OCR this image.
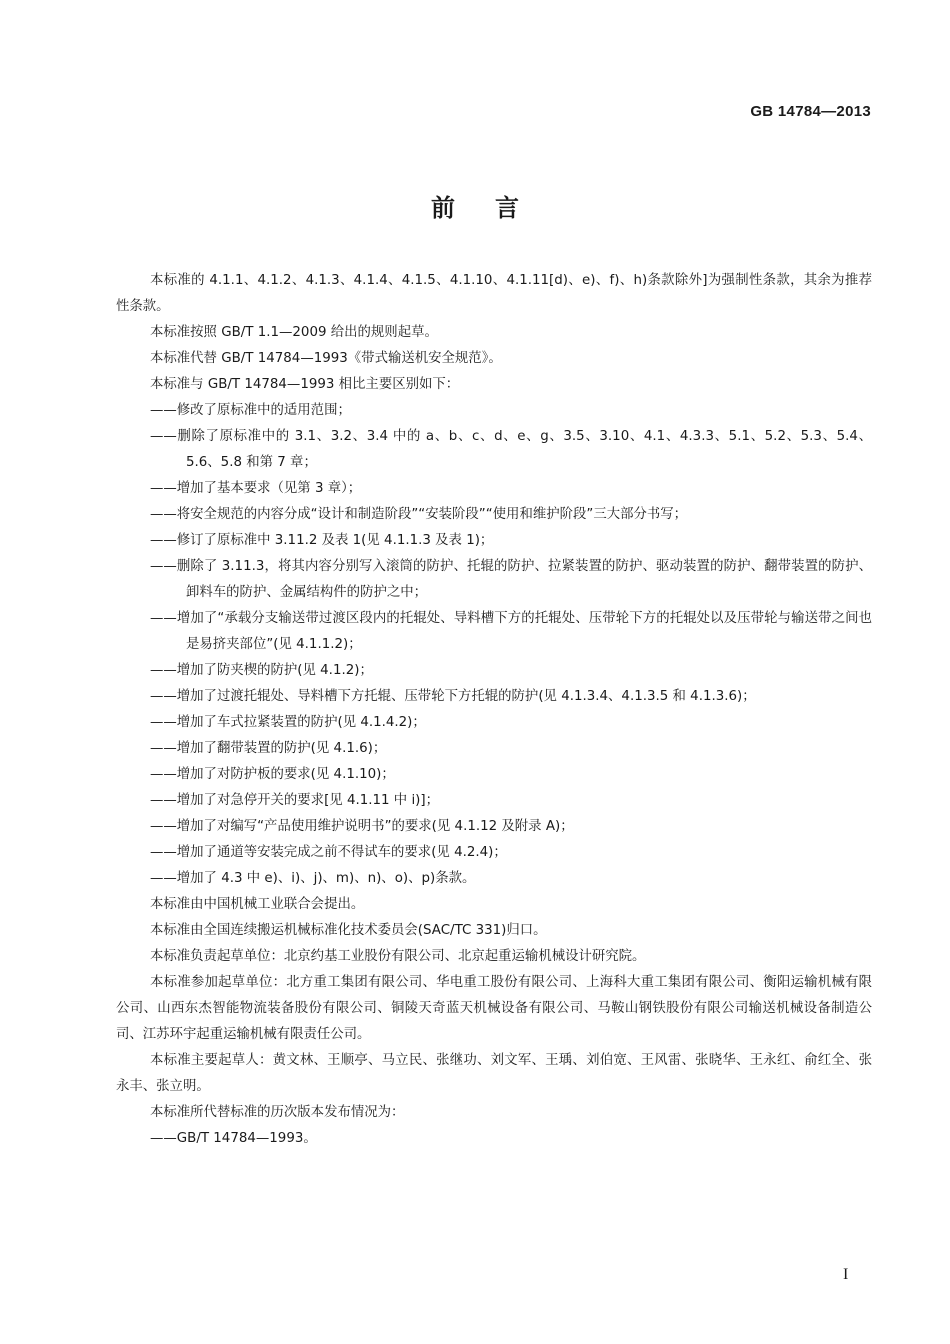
GB 14784—2013
前言

本标准的 4.1.1、4.1.2、4.1.3、4.1.4、4.1.5、4.1.10、4.1.11[d)、e)、f)、h)条款除外]为强制性条款，其余为推荐性条款。

本标准按照 GB/T 1.1—2009 给出的规则起草。

本标准代替 GB/T 14784—1993《带式输送机安全规范》。

本标准与 GB/T 14784—1993 相比主要区别如下：

——修改了原标准中的适用范围；

——删除了原标准中的 3.1、3.2、3.4 中的 a、b、c、d、e、g、3.5、3.10、4.1、4.3.3、5.1、5.2、5.3、5.4、5.6、5.8 和第 7 章；

——增加了基本要求（见第 3 章）；

——将安全规范的内容分成“设计和制造阶段”“安装阶段”“使用和维护阶段”三大部分书写；

——修订了原标准中 3.11.2 及表 1(见 4.1.1.3 及表 1)；

——删除了 3.11.3，将其内容分别写入滚筒的防护、托辊的防护、拉紧装置的防护、驱动装置的防护、翻带装置的防护、卸料车的防护、金属结构件的防护之中；

——增加了“承载分支输送带过渡区段内的托辊处、导料槽下方的托辊处、压带轮下方的托辊处以及压带轮与输送带之间也是易挤夹部位”(见 4.1.1.2)；

——增加了防夹楔的防护(见 4.1.2)；

——增加了过渡托辊处、导料槽下方托辊、压带轮下方托辊的防护(见 4.1.3.4、4.1.3.5 和 4.1.3.6)；

——增加了车式拉紧装置的防护(见 4.1.4.2)；

——增加了翻带装置的防护(见 4.1.6)；

——增加了对防护板的要求(见 4.1.10)；

——增加了对急停开关的要求[见 4.1.11 中 i)]；

——增加了对编写“产品使用维护说明书”的要求(见 4.1.12 及附录 A)；

——增加了通道等安装完成之前不得试车的要求(见 4.2.4)；

——增加了 4.3 中 e)、i)、j)、m)、n)、o)、p)条款。

本标准由中国机械工业联合会提出。

本标准由全国连续搬运机械标准化技术委员会(SAC/TC 331)归口。

本标准负责起草单位：北京约基工业股份有限公司、北京起重运输机械设计研究院。

本标准参加起草单位：北方重工集团有限公司、华电重工股份有限公司、上海科大重工集团有限公司、衡阳运输机械有限公司、山西东杰智能物流装备股份有限公司、铜陵天奇蓝天机械设备有限公司、马鞍山钢铁股份有限公司输送机械设备制造公司、江苏环宇起重运输机械有限责任公司。

本标准主要起草人：黄文林、王顺亭、马立民、张继功、刘文军、王瑀、刘伯宽、王风雷、张晓华、王永红、俞红全、张永丰、张立明。

本标准所代替标准的历次版本发布情况为：

——GB/T 14784—1993。

I
